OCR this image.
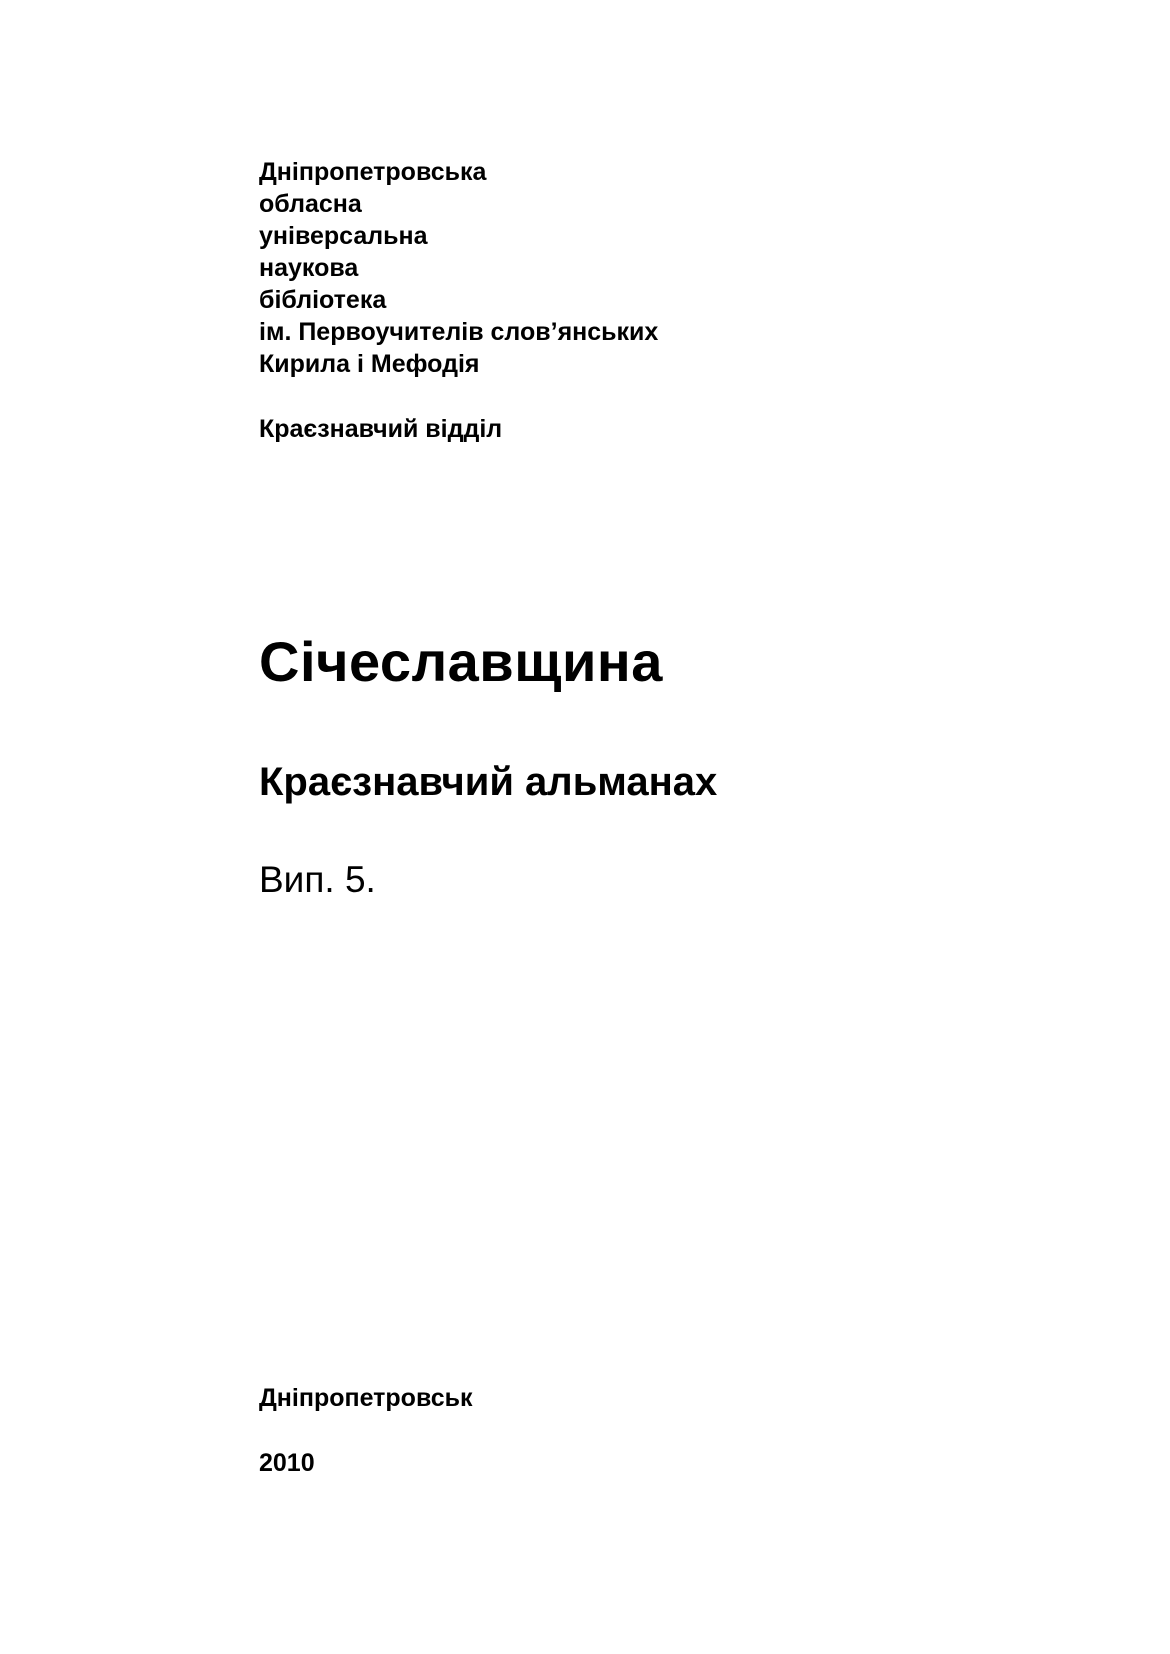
Дніпропетровська
обласна
універсальна
наукова
бібліотека
ім. Первоучителів слов’янських
Кирила і Мефодія
Краєзнавчий відділ
Січеславщина
Краєзнавчий альманах
Вип. 5.
Дніпропетровськ
2010
